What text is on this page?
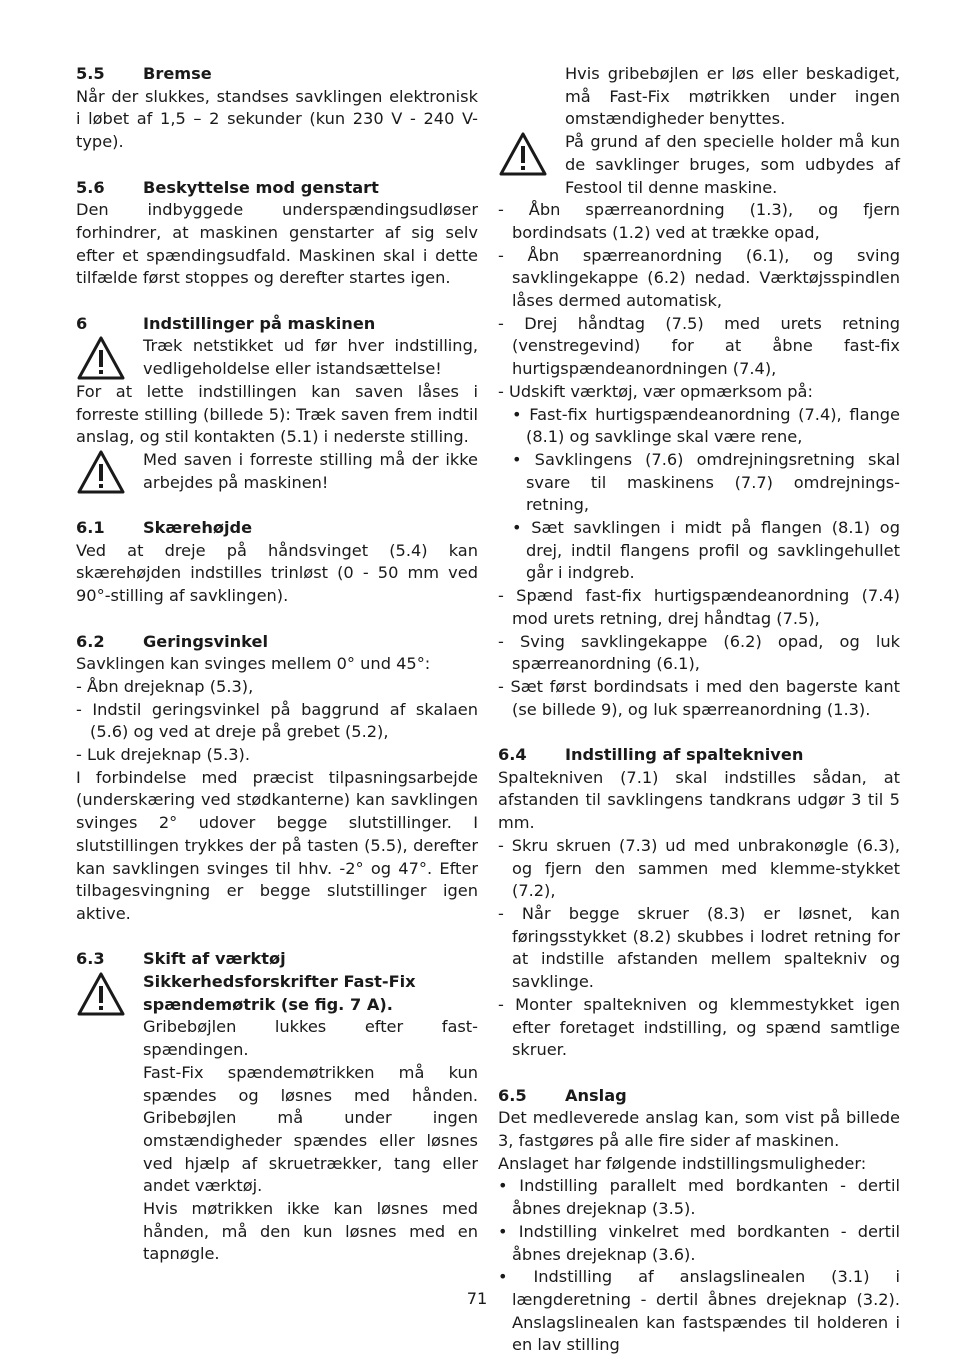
5.5	Bremse

Når der slukkes, standses savklingen elektronisk i løbet af 1,5 – 2 sekunder (kun 230 V - 240 V-type).

5.6	Beskyttelse mod genstart

Den indbyggede underspændingsudløser forhindrer, at maskinen genstarter af sig selv efter et spændingsudfald. Maskinen skal i dette tilfælde først stoppes og derefter startes igen.

6	Indstillinger på maskinen

Træk netstikket ud før hver indstilling, vedligeholdelse eller istandsættelse!

For at lette indstillingen kan saven låses i forreste stilling (billede 5): Træk saven frem indtil anslag, og stil kontakten (5.1) i nederste stilling.

Med saven i forreste stilling må der ikke arbejdes på maskinen!

6.1	Skærehøjde

Ved at dreje på håndsvinget (5.4) kan skærehøjden indstilles trinløst (0 - 50 mm ved 90°-stilling af savklingen).

6.2	Geringsvinkel

Savklingen kan svinges mellem 0° und 45°:

- Åbn drejeknap (5.3),

- Indstil geringsvinkel på baggrund af skalaen (5.6) og ved at dreje på grebet (5.2),

- Luk drejeknap (5.3).

I forbindelse med præcist tilpasningsarbejde (underskæring ved stødkanterne) kan savklingen svinges 2° udover begge slutstillinger. I slutstillingen trykkes der på tasten (5.5), derefter kan savklingen svinges til hhv. -2° og 47°. Efter tilbagesvingning er begge slutstillinger igen aktive.

6.3	Skift af værktøj

Sikkerhedsforskrifter Fast-Fix spændemøtrik (se fig. 7 A).

Gribebøjlen lukkes efter fast-spændingen.

Fast-Fix spændemøtrikken må kun spændes og løsnes med hånden. Gribebøjlen må under ingen omstændigheder spændes eller løsnes ved hjælp af skruetrækker, tang eller andet værktøj.

Hvis møtrikken ikke kan løsnes med hånden, må den kun løsnes med en tapnøgle.

Hvis gribebøjlen er løs eller beskadiget, må Fast-Fix møtrikken under ingen omstændigheder benyttes.

På grund af den specielle holder må kun de savklinger bruges, som udbydes af Festool til denne maskine.

- Åbn spærreanordning (1.3), og fjern bordindsats (1.2) ved at trække opad,

- Åbn spærreanordning (6.1), og sving savklingekappe (6.2) nedad. Værktøjsspindlen låses dermed automatisk,

- Drej håndtag (7.5) med urets retning (venstregevind) for at åbne fast-fix hurtigspændeanordningen (7.4),

- Udskift værktøj, vær opmærksom på:

• Fast-fix hurtigspændeanordning (7.4), flange (8.1) og savklinge skal være rene,

• Savklingens (7.6) omdrejningsretning skal svare til maskinens (7.7) omdrejnings-retning,

• Sæt savklingen i midt på flangen (8.1) og drej, indtil flangens profil og savklingehullet går i indgreb.

- Spænd fast-fix hurtigspændeanordning (7.4) mod urets retning, drej håndtag (7.5),

- Sving savklingekappe (6.2) opad, og luk spærreanordning (6.1),

- Sæt først bordindsats i med den bagerste kant (se billede 9), og luk spærreanordning (1.3).

6.4	Indstilling af spaltekniven

Spaltekniven (7.1) skal indstilles sådan, at afstanden til savklingens tandkrans udgør 3 til 5 mm.

- Skru skruen (7.3) ud med unbrakonøgle (6.3), og fjern den sammen med klemme-stykket (7.2),

- Når begge skruer (8.3) er løsnet, kan føringsstykket (8.2) skubbes i lodret retning for at indstille afstanden mellem spaltekniv og savklinge.

- Monter spaltekniven og klemmestykket igen efter foretaget indstilling, og spænd samtlige skruer.

6.5	Anslag

Det medleverede anslag kan, som vist på billede 3, fastgøres på alle fire sider af maskinen.

Anslaget har følgende indstillingsmuligheder:

• Indstilling parallelt med bordkanten - dertil åbnes drejeknap (3.5).

• Indstilling vinkelret med bordkanten - dertil åbnes drejeknap (3.6).

• Indstilling af anslagslinealen (3.1) i længderetning - dertil åbnes drejeknap (3.2). Anslagslinealen kan fastspændes til holderen i en lav stilling

71
